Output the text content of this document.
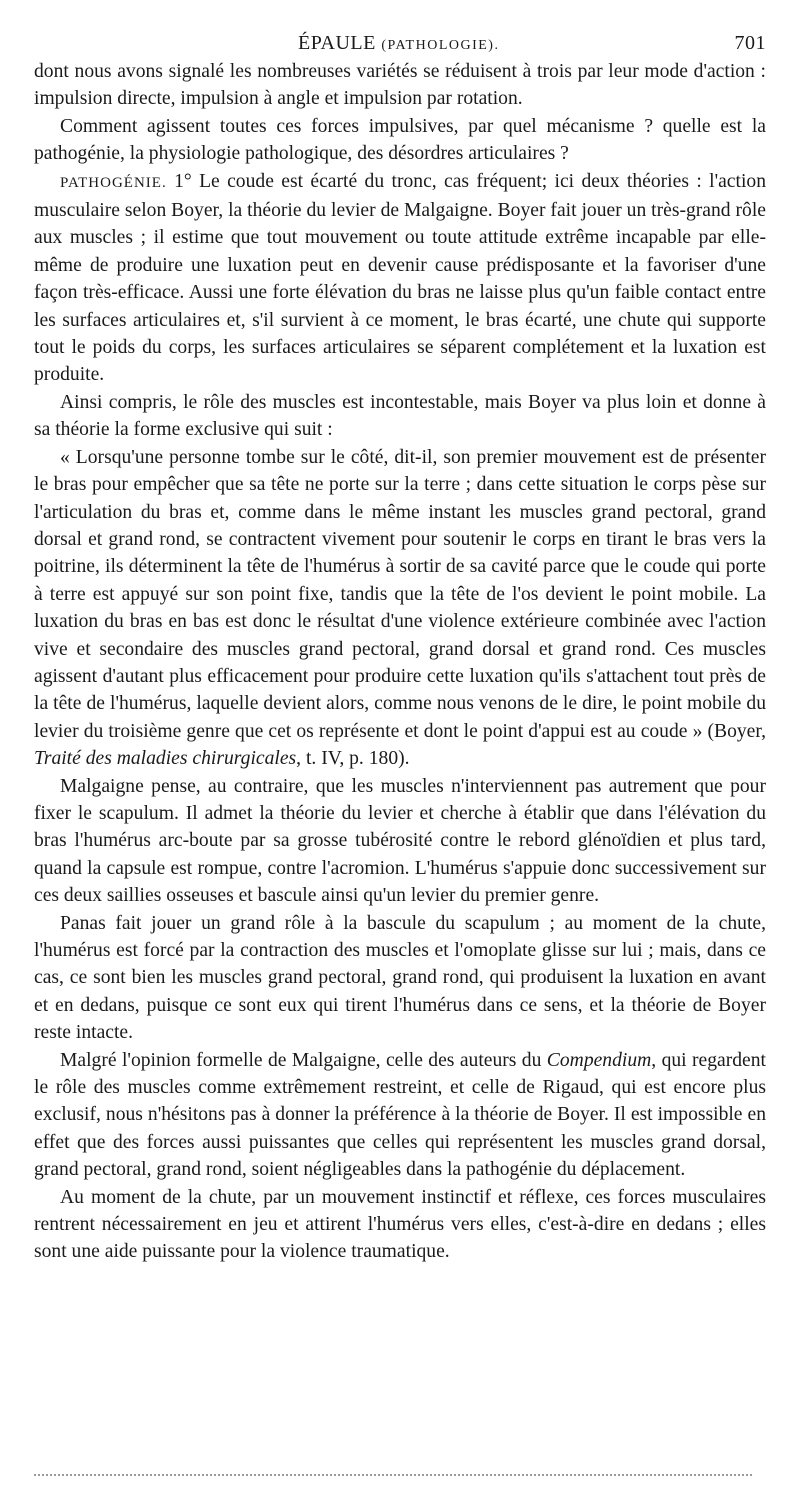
ÉPAULE (PATHOLOGIE).	701

dont nous avons signalé les nombreuses variétés se réduisent à trois par leur mode d'action : impulsion directe, impulsion à angle et impulsion par rotation.

Comment agissent toutes ces forces impulsives, par quel mécanisme ? quelle est la pathogénie, la physiologie pathologique, des désordres articulaires ?

PATHOGÉNIE. 1° Le coude est écarté du tronc, cas fréquent; ici deux théories : l'action musculaire selon Boyer, la théorie du levier de Malgaigne. Boyer fait jouer un très-grand rôle aux muscles ; il estime que tout mouvement ou toute attitude extrême incapable par elle-même de produire une luxation peut en devenir cause prédisposante et la favoriser d'une façon très-efficace. Aussi une forte élévation du bras ne laisse plus qu'un faible contact entre les surfaces articulaires et, s'il survient à ce moment, le bras écarté, une chute qui supporte tout le poids du corps, les surfaces articulaires se séparent complétement et la luxation est produite.

Ainsi compris, le rôle des muscles est incontestable, mais Boyer va plus loin et donne à sa théorie la forme exclusive qui suit :

« Lorsqu'une personne tombe sur le côté, dit-il, son premier mouvement est de présenter le bras pour empêcher que sa tête ne porte sur la terre ; dans cette situation le corps pèse sur l'articulation du bras et, comme dans le même instant les muscles grand pectoral, grand dorsal et grand rond, se contractent vivement pour soutenir le corps en tirant le bras vers la poitrine, ils déterminent la tête de l'humérus à sortir de sa cavité parce que le coude qui porte à terre est appuyé sur son point fixe, tandis que la tête de l'os devient le point mobile. La luxation du bras en bas est donc le résultat d'une violence extérieure combinée avec l'action vive et secondaire des muscles grand pectoral, grand dorsal et grand rond. Ces muscles agissent d'autant plus efficacement pour produire cette luxation qu'ils s'attachent tout près de la tête de l'humérus, laquelle devient alors, comme nous venons de le dire, le point mobile du levier du troisième genre que cet os représente et dont le point d'appui est au coude » (Boyer, Traité des maladies chirurgicales, t. IV, p. 180).

Malgaigne pense, au contraire, que les muscles n'interviennent pas autrement que pour fixer le scapulum. Il admet la théorie du levier et cherche à établir que dans l'élévation du bras l'humérus arc-boute par sa grosse tubérosité contre le rebord glénoïdien et plus tard, quand la capsule est rompue, contre l'acromion. L'humérus s'appuie donc successivement sur ces deux saillies osseuses et bascule ainsi qu'un levier du premier genre.

Panas fait jouer un grand rôle à la bascule du scapulum ; au moment de la chute, l'humérus est forcé par la contraction des muscles et l'omoplate glisse sur lui ; mais, dans ce cas, ce sont bien les muscles grand pectoral, grand rond, qui produisent la luxation en avant et en dedans, puisque ce sont eux qui tirent l'humérus dans ce sens, et la théorie de Boyer reste intacte.

Malgré l'opinion formelle de Malgaigne, celle des auteurs du Compendium, qui regardent le rôle des muscles comme extrêmement restreint, et celle de Rigaud, qui est encore plus exclusif, nous n'hésitons pas à donner la préférence à la théorie de Boyer. Il est impossible en effet que des forces aussi puissantes que celles qui représentent les muscles grand dorsal, grand pectoral, grand rond, soient négligeables dans la pathogénie du déplacement.

Au moment de la chute, par un mouvement instinctif et réflexe, ces forces musculaires rentrent nécessairement en jeu et attirent l'humérus vers elles, c'est-à-dire en dedans ; elles sont une aide puissante pour la violence traumatique.
